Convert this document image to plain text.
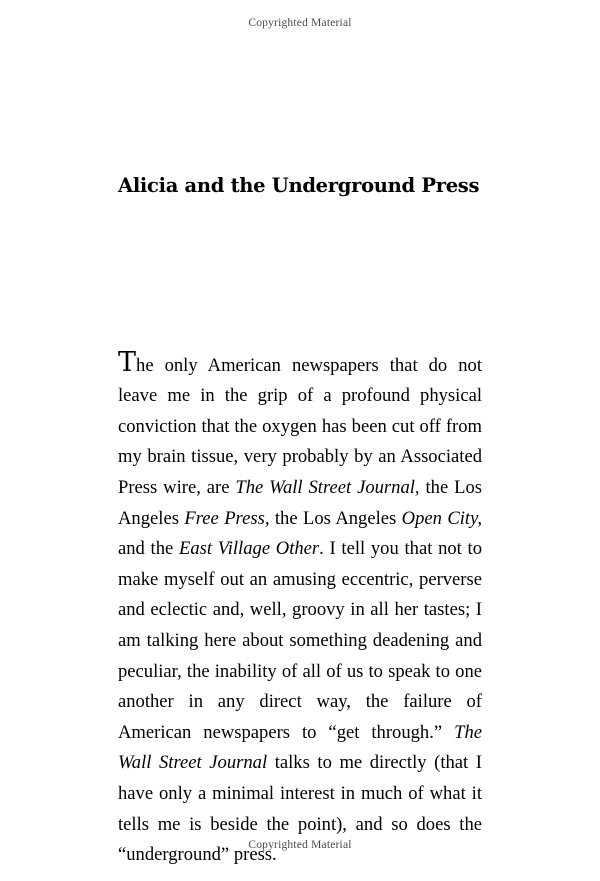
Copyrighted Material
Alicia and the Underground Press

The only American newspapers that do not leave me in the grip of a profound physical conviction that the oxygen has been cut off from my brain tissue, very probably by an Associated Press wire, are The Wall Street Journal, the Los Angeles Free Press, the Los Angeles Open City, and the East Village Other. I tell you that not to make myself out an amusing eccentric, perverse and eclectic and, well, groovy in all her tastes; I am talking here about something deadening and peculiar, the inability of all of us to speak to one another in any direct way, the failure of American newspapers to “get through.” The Wall Street Journal talks to me directly (that I have only a minimal interest in much of what it tells me is beside the point), and so does the “underground” press.

Copyrighted Material
